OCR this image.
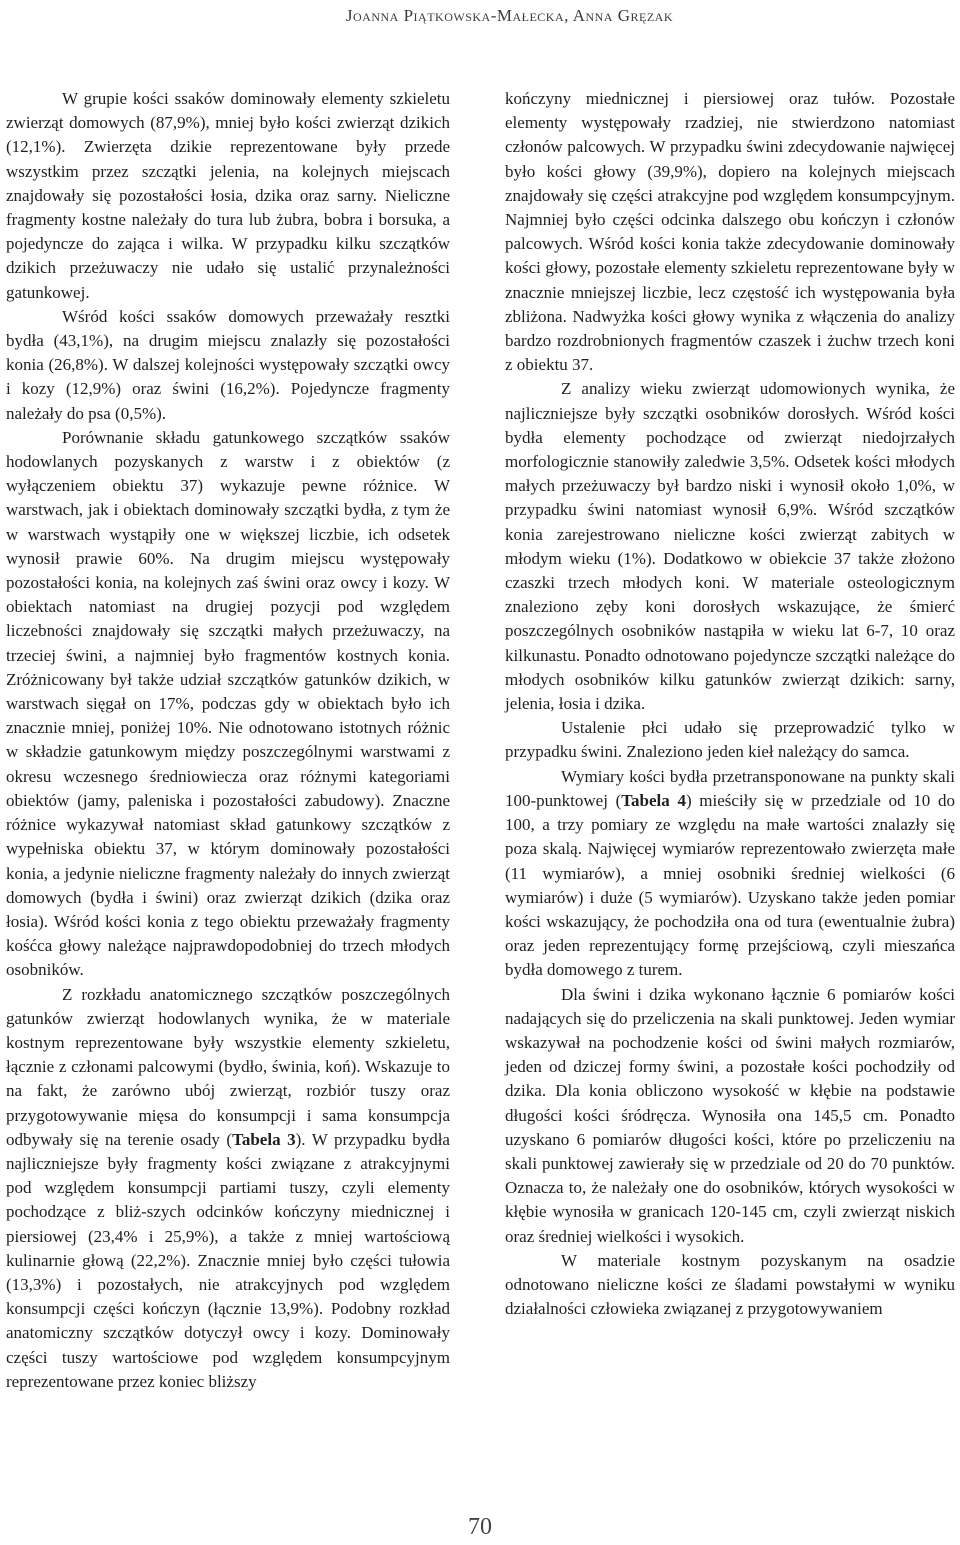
Joanna Piątkowska-Małecka, Anna Gręzak

W grupie kości ssaków dominowały elementy szkieletu zwierząt domowych (87,9%), mniej było kości zwierząt dzikich (12,1%). Zwierzęta dzikie reprezentowane były przede wszystkim przez szczątki jelenia, na kolejnych miejscach znajdowały się pozostałości łosia, dzika oraz sarny. Nieliczne fragmenty kostne należały do tura lub żubra, bobra i borsuka, a pojedyncze do zająca i wilka. W przypadku kilku szczątków dzikich przeżuwaczy nie udało się ustalić przynależności gatunkowej.

Wśród kości ssaków domowych przeważały resztki bydła (43,1%), na drugim miejscu znalazły się pozostałości konia (26,8%). W dalszej kolejności występowały szczątki owcy i kozy (12,9%) oraz świni (16,2%). Pojedyncze fragmenty należały do psa (0,5%).

Porównanie składu gatunkowego szczątków ssaków hodowlanych pozyskanych z warstw i z obiektów (z wyłączeniem obiektu 37) wykazuje pewne różnice. W warstwach, jak i obiektach dominowały szczątki bydła, z tym że w warstwach wystąpiły one w większej liczbie, ich odsetek wynosił prawie 60%. Na drugim miejscu występowały pozostałości konia, na kolejnych zaś świni oraz owcy i kozy. W obiektach natomiast na drugiej pozycji pod względem liczebności znajdowały się szczątki małych przeżuwaczy, na trzeciej świni, a najmniej było fragmentów kostnych konia. Zróżnicowany był także udział szczątków gatunków dzikich, w warstwach sięgał on 17%, podczas gdy w obiektach było ich znacznie mniej, poniżej 10%. Nie odnotowano istotnych różnic w składzie gatunkowym między poszczególnymi warstwami z okresu wczesnego średniowiecza oraz różnymi kategoriami obiektów (jamy, paleniska i pozostałości zabudowy). Znaczne różnice wykazywał natomiast skład gatunkowy szczątków z wypełniska obiektu 37, w którym dominowały pozostałości konia, a jedynie nieliczne fragmenty należały do innych zwierząt domowych (bydła i świni) oraz zwierząt dzikich (dzika oraz łosia). Wśród kości konia z tego obiektu przeważały fragmenty kośćca głowy należące najprawdopodobniej do trzech młodych osobników.

Z rozkładu anatomicznego szczątków poszczególnych gatunków zwierząt hodowlanych wynika, że w materiale kostnym reprezentowane były wszystkie elementy szkieletu, łącznie z członami palcowymi (bydło, świnia, koń). Wskazuje to na fakt, że zarówno ubój zwierząt, rozbiór tuszy oraz przygotowywanie mięsa do konsumpcji i sama konsumpcja odbywały się na terenie osady (Tabela 3). W przypadku bydła najliczniejsze były fragmenty kości związane z atrakcyjnymi pod względem konsumpcji partiami tuszy, czyli elementy pochodzące z bliż-szych odcinków kończyny miednicznej i piersiowej (23,4% i 25,9%), a także z mniej wartościową kulinarnie głową (22,2%). Znacznie mniej było części tułowia (13,3%) i pozostałych, nie atrakcyjnych pod względem konsumpcji części kończyn (łącznie 13,9%). Podobny rozkład anatomiczny szczątków dotyczył owcy i kozy. Dominowały części tuszy wartościowe pod względem konsumpcyjnym reprezentowane przez koniec bliższy

kończyny miednicznej i piersiowej oraz tułów. Pozostałe elementy występowały rzadziej, nie stwierdzono natomiast członów palcowych. W przypadku świni zdecydowanie najwięcej było kości głowy (39,9%), dopiero na kolejnych miejscach znajdowały się części atrakcyjne pod względem konsumpcyjnym. Najmniej było części odcinka dalszego obu kończyn i członów palcowych. Wśród kości konia także zdecydowanie dominowały kości głowy, pozostałe elementy szkieletu reprezentowane były w znacznie mniejszej liczbie, lecz częstość ich występowania była zbliżona. Nadwyżka kości głowy wynika z włączenia do analizy bardzo rozdrobnionych fragmentów czaszek i żuchw trzech koni z obiektu 37.

Z analizy wieku zwierząt udomowionych wynika, że najliczniejsze były szczątki osobników dorosłych. Wśród kości bydła elementy pochodzące od zwierząt niedojrzałych morfologicznie stanowiły zaledwie 3,5%. Odsetek kości młodych małych przeżuwaczy był bardzo niski i wynosił około 1,0%, w przypadku świni natomiast wynosił 6,9%. Wśród szczątków konia zarejestrowano nieliczne kości zwierząt zabitych w młodym wieku (1%). Dodatkowo w obiekcie 37 także złożono czaszki trzech młodych koni. W materiale osteologicznym znaleziono zęby koni dorosłych wskazujące, że śmierć poszczególnych osobników nastąpiła w wieku lat 6-7, 10 oraz kilkunastu. Ponadto odnotowano pojedyncze szczątki należące do młodych osobników kilku gatunków zwierząt dzikich: sarny, jelenia, łosia i dzika.

Ustalenie płci udało się przeprowadzić tylko w przypadku świni. Znaleziono jeden kieł należący do samca.

Wymiary kości bydła przetransponowane na punkty skali 100-punktowej (Tabela 4) mieściły się w przedziale od 10 do 100, a trzy pomiary ze względu na małe wartości znalazły się poza skalą. Najwięcej wymiarów reprezentowało zwierzęta małe (11 wymiarów), a mniej osobniki średniej wielkości (6 wymiarów) i duże (5 wymiarów). Uzyskano także jeden pomiar kości wskazujący, że pochodziła ona od tura (ewentualnie żubra) oraz jeden reprezentujący formę przejściową, czyli mieszańca bydła domowego z turem.

Dla świni i dzika wykonano łącznie 6 pomiarów kości nadających się do przeliczenia na skali punktowej. Jeden wymiar wskazywał na pochodzenie kości od świni małych rozmiarów, jeden od dziczej formy świni, a pozostałe kości pochodziły od dzika. Dla konia obliczono wysokość w kłębie na podstawie długości kości śródręcza. Wynosiła ona 145,5 cm. Ponadto uzyskano 6 pomiarów długości kości, które po przeliczeniu na skali punktowej zawierały się w przedziale od 20 do 70 punktów. Oznacza to, że należały one do osobników, których wysokości w kłębie wynosiła w granicach 120-145 cm, czyli zwierząt niskich oraz średniej wielkości i wysokich.

W materiale kostnym pozyskanym na osadzie odnotowano nieliczne kości ze śladami powstałymi w wyniku działalności człowieka związanej z przygotowywaniem

70
